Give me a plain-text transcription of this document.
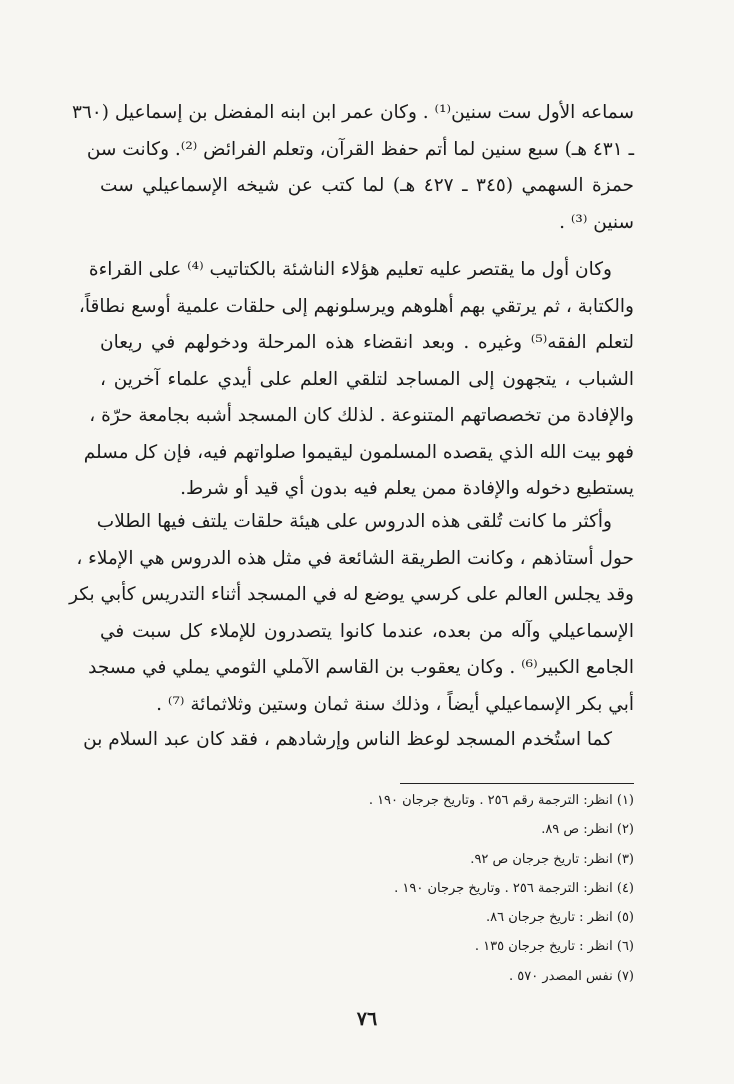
سماعه الأول ست سنين⁽¹⁾ . وكان عمر ابن ابنه المفضل بن إسماعيل (٣٦٠
ـ ٤٣١ هـ) سبع سنين لما أتم حفظ القرآن، وتعلم الفرائض ⁽²⁾. وكانت سن
حمزة السهمي (٣٤٥ ـ ٤٢٧ هـ) لما كتب عن شيخه الإسماعيلي ست
سنين ⁽³⁾ .
وكان أول ما يقتصر عليه تعليم هؤلاء الناشئة بالكتاتيب ⁽⁴⁾ على القراءة
والكتابة ، ثم يرتقي بهم أهلوهم ويرسلونهم إلى حلقات علمية أوسع نطاقاً،
لتعلم الفقه⁽⁵⁾ وغيره . وبعد انقضاء هذه المرحلة ودخولهم في ريعان
الشباب ، يتجهون إلى المساجد لتلقي العلم على أيدي علماء آخرين ،
والإفادة من تخصصاتهم المتنوعة . لذلك كان المسجد أشبه بجامعة حرّة ،
فهو بيت الله الذي يقصده المسلمون ليقيموا صلواتهم فيه، فإن كل مسلم
يستطيع دخوله والإفادة ممن يعلم فيه بدون أي قيد أو شرط.
وأكثر ما كانت تُلقى هذه الدروس على هيئة حلقات يلتف فيها الطلاب
حول أستاذهم ، وكانت الطريقة الشائعة في مثل هذه الدروس هي الإملاء ،
وقد يجلس العالم على كرسي يوضع له في المسجد أثناء التدريس كأبي بكر
الإسماعيلي وآله من بعده، عندما كانوا يتصدرون للإملاء كل سبت في
الجامع الكبير⁽⁶⁾ . وكان يعقوب بن القاسم الآملي الثومي يملي في مسجد
أبي بكر الإسماعيلي أيضاً ، وذلك سنة ثمان وستين وثلاثمائة ⁽⁷⁾ .
كما استُخدم المسجد لوعظ الناس وإرشادهم ، فقد كان عبد السلام بن
(١) انظر: الترجمة رقم ٢٥٦ . وتاريخ جرجان ١٩٠ .
(٢) انظر: ص ٨٩.
(٣) انظر: تاريخ جرجان ص ٩٢.
(٤) انظر: الترجمة ٢٥٦ . وتاريخ جرجان ١٩٠ .
(٥) انظر : تاريخ جرجان ٨٦.
(٦) انظر : تاريخ جرجان ١٣٥ .
(٧) نفس المصدر ٥٧٠ .
٧٦
